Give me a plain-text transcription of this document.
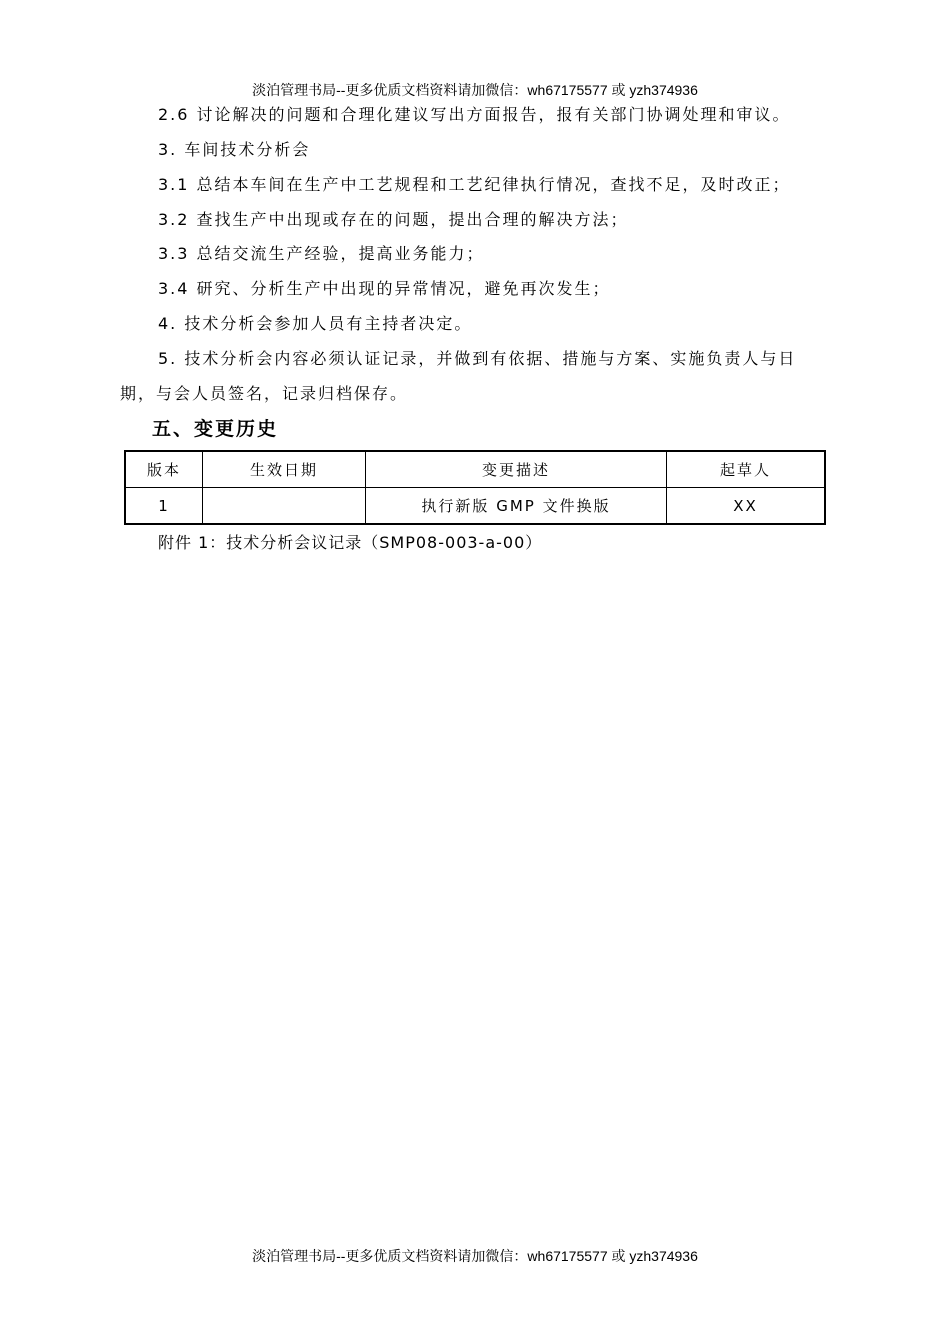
淡泊管理书局--更多优质文档资料请加微信：wh67175577 或 yzh374936
2.6 讨论解决的问题和合理化建议写出方面报告，报有关部门协调处理和审议。
3. 车间技术分析会
3.1 总结本车间在生产中工艺规程和工艺纪律执行情况，查找不足，及时改正；
3.2 查找生产中出现或存在的问题，提出合理的解决方法；
3.3 总结交流生产经验，提高业务能力；
3.4 研究、分析生产中出现的异常情况，避免再次发生；
4. 技术分析会参加人员有主持者决定。
5. 技术分析会内容必须认证记录，并做到有依据、措施与方案、实施负责人与日
期，与会人员签名，记录归档保存。
五、变更历史
版本	生效日期	变更描述	起草人
1		执行新版 GMP 文件换版	XX
附件 1：技术分析会议记录（SMP08-003-a-00）
淡泊管理书局--更多优质文档资料请加微信：wh67175577 或 yzh374936
